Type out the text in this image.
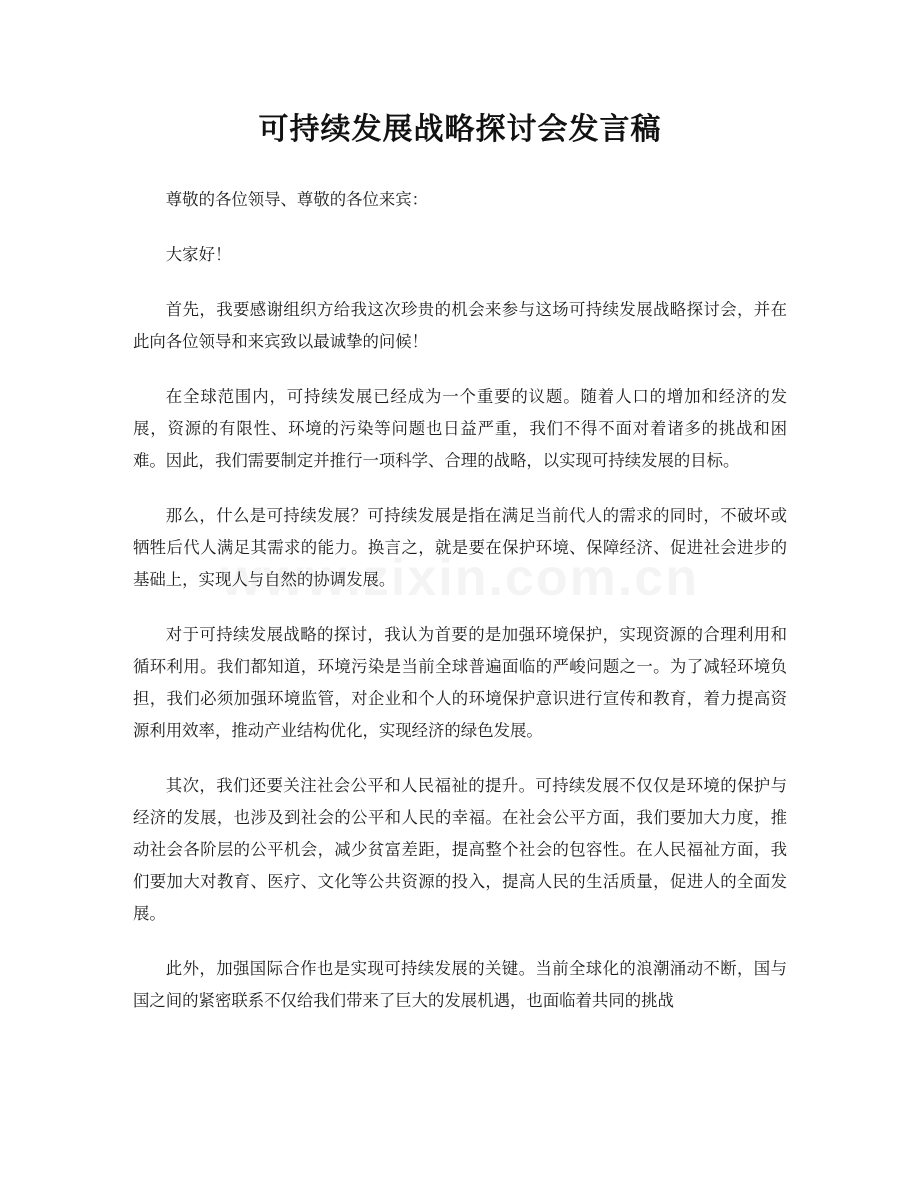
可持续发展战略探讨会发言稿

尊敬的各位领导、尊敬的各位来宾：

大家好！

首先，我要感谢组织方给我这次珍贵的机会来参与这场可持续发展战略探讨会，并在此向各位领导和来宾致以最诚挚的问候！

在全球范围内，可持续发展已经成为一个重要的议题。随着人口的增加和经济的发展，资源的有限性、环境的污染等问题也日益严重，我们不得不面对着诸多的挑战和困难。因此，我们需要制定并推行一项科学、合理的战略，以实现可持续发展的目标。

那么，什么是可持续发展？可持续发展是指在满足当前代人的需求的同时，不破坏或牺牲后代人满足其需求的能力。换言之，就是要在保护环境、保障经济、促进社会进步的基础上，实现人与自然的协调发展。

对于可持续发展战略的探讨，我认为首要的是加强环境保护，实现资源的合理利用和循环利用。我们都知道，环境污染是当前全球普遍面临的严峻问题之一。为了减轻环境负担，我们必须加强环境监管，对企业和个人的环境保护意识进行宣传和教育，着力提高资源利用效率，推动产业结构优化，实现经济的绿色发展。

其次，我们还要关注社会公平和人民福祉的提升。可持续发展不仅仅是环境的保护与经济的发展，也涉及到社会的公平和人民的幸福。在社会公平方面，我们要加大力度，推动社会各阶层的公平机会，减少贫富差距，提高整个社会的包容性。在人民福祉方面，我们要加大对教育、医疗、文化等公共资源的投入，提高人民的生活质量，促进人的全面发展。

此外，加强国际合作也是实现可持续发展的关键。当前全球化的浪潮涌动不断，国与国之间的紧密联系不仅给我们带来了巨大的发展机遇，也面临着共同的挑战
